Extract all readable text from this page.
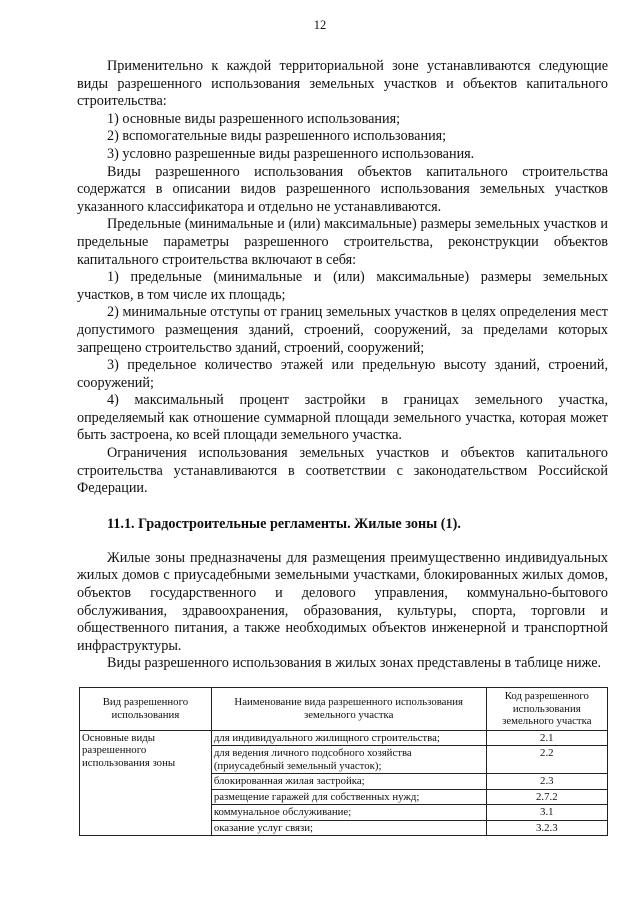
12

Применительно к каждой территориальной зоне устанавливаются следующие виды разрешенного использования земельных участков и объектов капитального строительства:

1) основные виды разрешенного использования;

2) вспомогательные виды разрешенного использования;

3) условно разрешенные виды разрешенного использования.

Виды разрешенного использования объектов капитального строительства содержатся в описании видов разрешенного использования земельных участков указанного классификатора и отдельно не устанавливаются.

Предельные (минимальные и (или) максимальные) размеры земельных участков и предельные параметры разрешенного строительства, реконструкции объектов капитального строительства включают в себя:

1) предельные (минимальные и (или) максимальные) размеры земельных участков, в том числе их площадь;

2) минимальные отступы от границ земельных участков в целях определения мест допустимого размещения зданий, строений, сооружений, за пределами которых запрещено строительство зданий, строений, сооружений;

3) предельное количество этажей или предельную высоту зданий, строений, сооружений;

4) максимальный процент застройки в границах земельного участка, определяемый как отношение суммарной площади земельного участка, которая может быть застроена, ко всей площади земельного участка.

Ограничения использования земельных участков и объектов капитального строительства устанавливаются в соответствии с законодательством Российской Федерации.

11.1. Градостроительные регламенты. Жилые зоны (1).

Жилые зоны предназначены для размещения преимущественно индивидуальных жилых домов с приусадебными земельными участками, блокированных жилых домов, объектов государственного и делового управления, коммунально-бытового обслуживания, здравоохранения, образования, культуры, спорта, торговли и общественного питания, а также необходимых объектов инженерной и транспортной инфраструктуры.

Виды разрешенного использования в жилых зонах представлены в таблице ниже.

Вид разрешенного использования	Наименование вида разрешенного использования земельного участка	Код разрешенного использования земельного участка
Основные виды разрешенного использования зоны	для индивидуального жилищного строительства;	2.1
	для ведения личного подсобного хозяйства (приусадебный земельный участок);	2.2
	блокированная жилая застройка;	2.3
	размещение гаражей для собственных нужд;	2.7.2
	коммунальное обслуживание;	3.1
	оказание услуг связи;	3.2.3
